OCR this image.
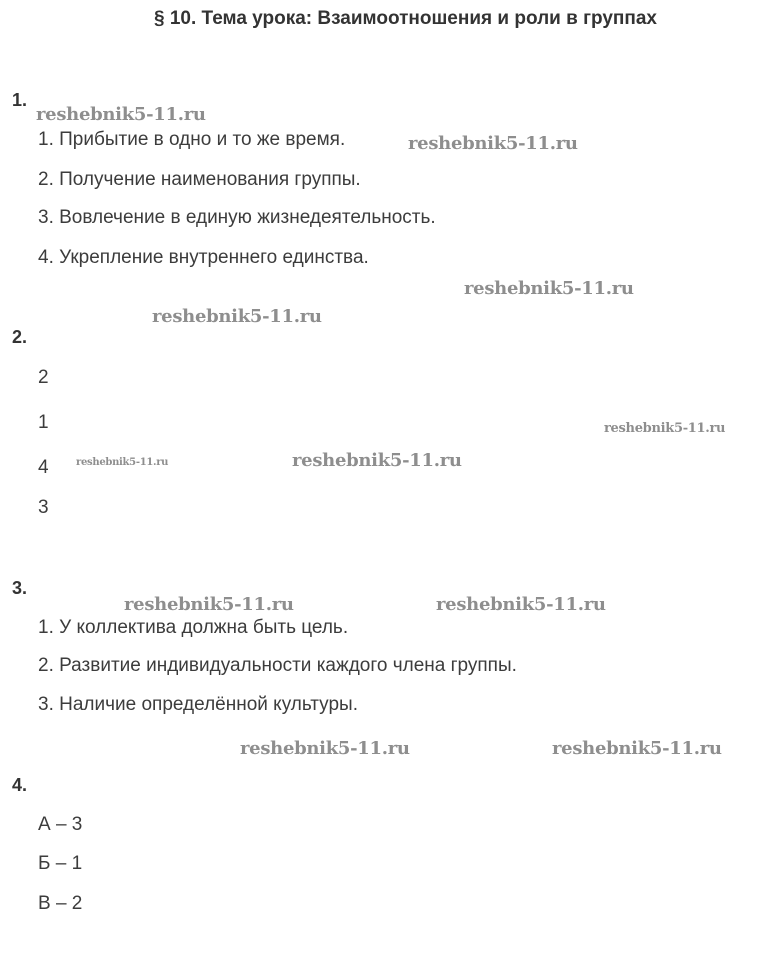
§ 10. Тема урока: Взаимоотношения и роли в группах
1.
1. Прибытие в одно и то же время.
2. Получение наименования группы.
3. Вовлечение в единую жизнедеятельность.
4. Укрепление внутреннего единства.
2.
2
1
4
3
3.
1. У коллектива должна быть цель.
2. Развитие индивидуальности каждого члена группы.
3. Наличие определённой культуры.
4.
А – 3
Б – 1
В – 2
reshebnik5-11.ru
reshebnik5-11.ru
reshebnik5-11.ru
reshebnik5-11.ru
reshebnik5-11.ru
reshebnik5-11.ru	reshebnik5-11.ru
reshebnik5-11.ru	reshebnik5-11.ru
reshebnik5-11.ru	reshebnik5-11.ru
